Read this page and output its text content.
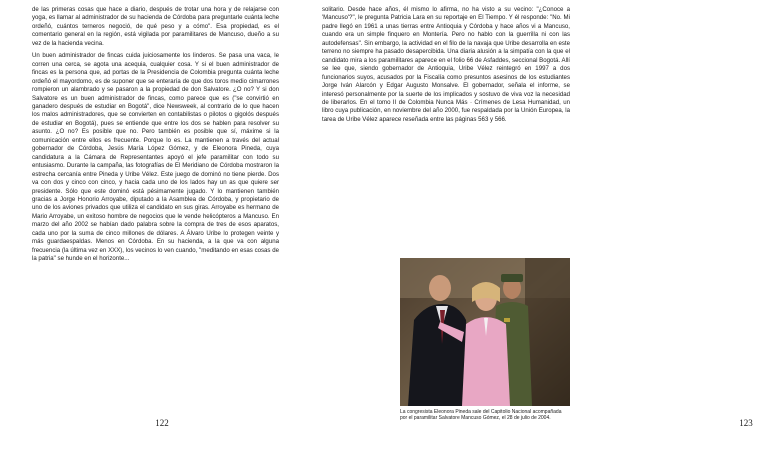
de las primeras cosas que hace a diario, después de trotar una hora y de relajarse con yoga, es llamar al administrador de su hacienda de Córdoba para preguntarle cuánta leche ordeñó, cuántos terneros negoció, de qué peso y a cómo". Esa propiedad, es el comentario general en la región, está vigilada por paramilitares de Mancuso, dueño a su vez de la hacienda vecina.

Un buen administrador de fincas cuida juiciosamente los linderos. Se pasa una vaca, le corren una cerca, se agota una acequia, cualquier cosa. Y si el buen administrador de fincas es la persona que, ad portas de la Presidencia de Colombia pregunta cuánta leche ordeñó el mayordomo, es de suponer que se enteraría de que dos toros medio cimarrones rompieron un alambrado y se pasaron a la propiedad de don Salvatore. ¿O no? Y si don Salvatore es un buen administrador de fincas, como parece que es ("se convirtió en ganadero después de estudiar en Bogotá", dice Newsweek, al contrario de lo que hacen los malos administradores, que se convierten en contabilistas o pilotos o gigolós después de estudiar en Bogotá), pues se entiende que entre los dos se hablen para resolver su asunto. ¿O no? Es posible que no. Pero también es posible que sí, máxime si la comunicación entre ellos es frecuente. Porque lo es. La mantienen a través del actual gobernador de Córdoba, Jesús María López Gómez, y de Eleonora Pineda, cuya candidatura a la Cámara de Representantes apoyó el jefe paramilitar con todo su entusiasmo. Durante la campaña, las fotografías de El Meridiano de Córdoba mostraron la estrecha cercanía entre Pineda y Uribe Vélez. Este juego de dominó no tiene pierde. Dos va con dos y cinco con cinco, y hacia cada uno de los lados hay un as que quiere ser presidente. Sólo que este dominó está pésimamente jugado. Y lo mantienen también gracias a Jorge Honorio Arroyabe, diputado a la Asamblea de Córdoba, y propietario de uno de los aviones privados que utiliza el candidato en sus giras. Arroyabe es hermano de Mario Arroyabe, un exitoso hombre de negocios que le vende helicópteros a Mancuso. En marzo del año 2002 se habían dado palabra sobre la compra de tres de esos aparatos, cada uno por la suma de cinco millones de dólares. A Álvaro Uribe lo protegen veinte y más guardaespaldas. Menos en Córdoba. En su hacienda, a la que va con alguna frecuencia (la última vez en XXX), los vecinos lo ven cuando, "meditando en esas cosas de la patria" se hunde en el horizonte...

122	123

solitario. Desde hace años, él mismo lo afirma, no ha visto a su vecino: "¿Conoce a 'Mancuso'?", le pregunta Patricia Lara en su reportaje en El Tiempo. Y él responde: "No. Mi padre llegó en 1961 a unas tierras entre Antioquia y Córdoba y hace años vi a Mancuso, cuando era un simple finquero en Montería. Pero no hablo con la guerrilla ni con las autodefensas". Sin embargo, la actividad en el filo de la navaja que Uribe desarrolla en este terreno no siempre ha pasado desapercibida. Una diaria alusión a la simpatía con la que el candidato mira a los paramilitares aparece en el folio 66 de Asfaddes, seccional Bogotá. Allí se lee que, siendo gobernador de Antioquia, Uribe Vélez reintegró en 1997 a dos funcionarios suyos, acusados por la Fiscalía como presuntos asesinos de los estudiantes Jorge Iván Alarcón y Edgar Augusto Monsalve. El gobernador, señala el informe, se interesó personalmente por la suerte de los implicados y sostuvo de viva voz la necesidad de liberarlos. En el tomo II de Colombia Nunca Más · Crímenes de Lesa Humanidad, un libro cuya publicación, en noviembre del año 2000, fue respaldada por la Unión Europea, la tarea de Uribe Vélez aparece reseñada entre las páginas 563 y 566.

La congresista Eleonora Pineda sale del Capitolio Nacional acompañada por el paramilitar Salvatore Mancuso Gómez, el 28 de julio de 2004.
